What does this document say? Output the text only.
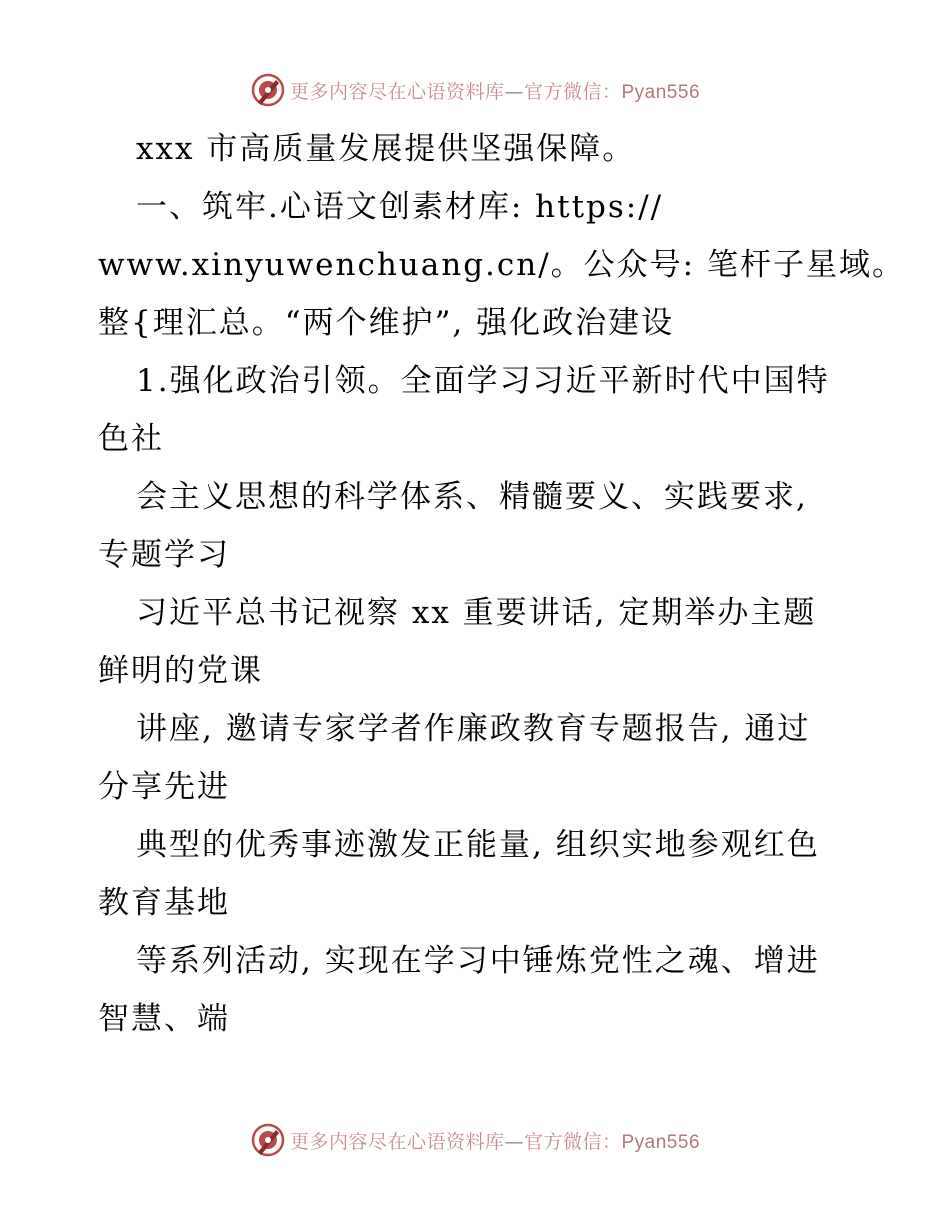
更多内容尽在心语资料库—官方微信：Pyan556
xxx 市高质量发展提供坚强保障。
一、筑牢.心语文创素材库: https://
www.xinyuwenchuang.cn/。公众号: 笔杆子星域。
整{理汇总。“两个维护”, 强化政治建设
1.强化政治引领。全面学习习近平新时代中国特
色社
会主义思想的科学体系、精髓要义、实践要求,
专题学习
习近平总书记视察 xx 重要讲话, 定期举办主题
鲜明的党课
讲座, 邀请专家学者作廉政教育专题报告, 通过
分享先进
典型的优秀事迹激发正能量, 组织实地参观红色
教育基地
等系列活动, 实现在学习中锤炼党性之魂、增进
智慧、端
更多内容尽在心语资料库—官方微信：Pyan556
